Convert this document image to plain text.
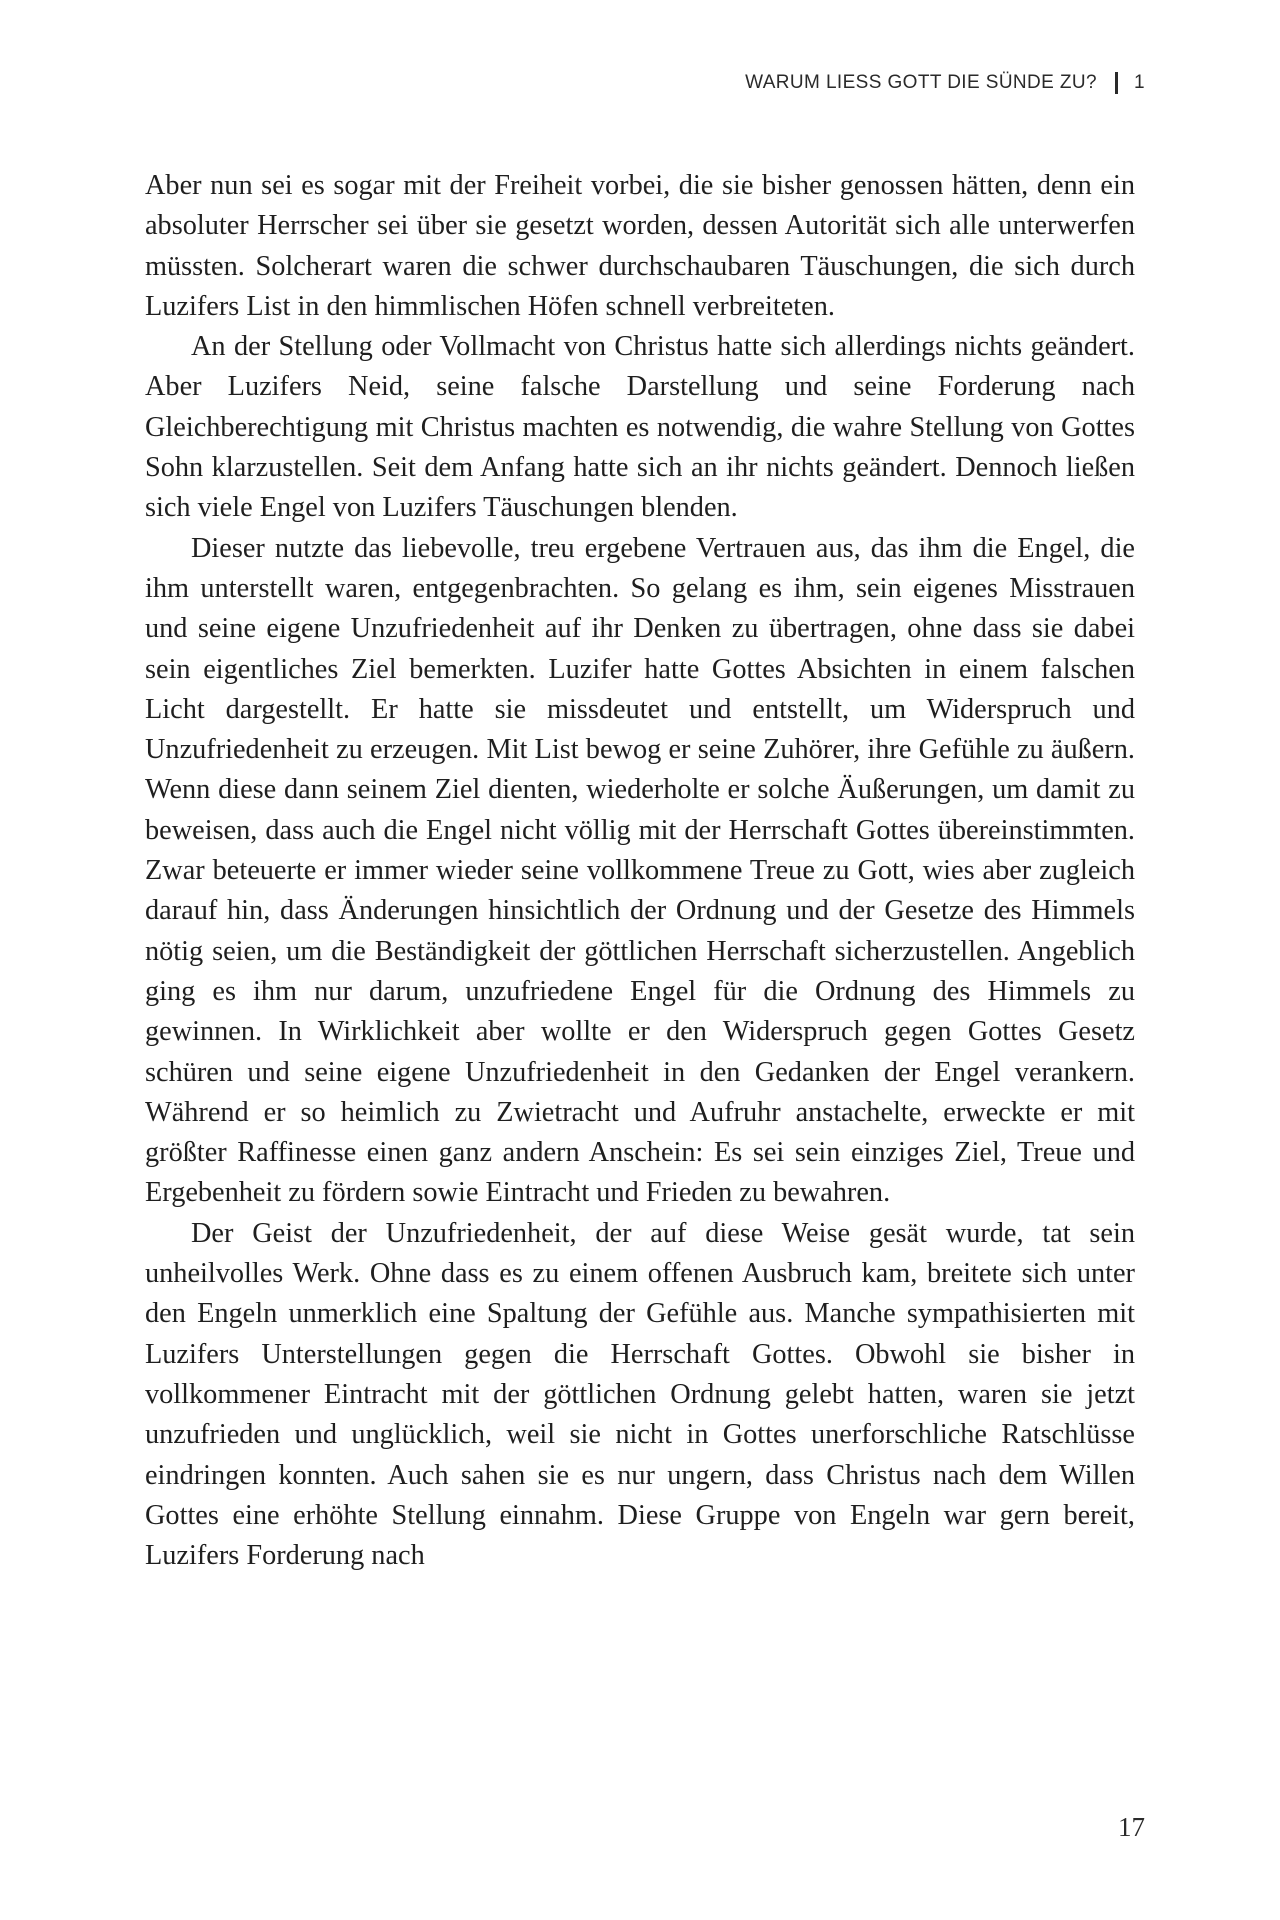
WARUM LIESS GOTT DIE SÜNDE ZU? 1

Aber nun sei es sogar mit der Freiheit vorbei, die sie bisher genossen hätten, denn ein absoluter Herrscher sei über sie gesetzt worden, dessen Autorität sich alle unterwerfen müssten. Solcherart waren die schwer durchschaubaren Täuschungen, die sich durch Luzifers List in den himmlischen Höfen schnell verbreiteten.

An der Stellung oder Vollmacht von Christus hatte sich allerdings nichts geändert. Aber Luzifers Neid, seine falsche Darstellung und seine Forderung nach Gleichberechtigung mit Christus machten es notwendig, die wahre Stellung von Gottes Sohn klarzustellen. Seit dem Anfang hatte sich an ihr nichts geändert. Dennoch ließen sich viele Engel von Luzifers Täuschungen blenden.

Dieser nutzte das liebevolle, treu ergebene Vertrauen aus, das ihm die Engel, die ihm unterstellt waren, entgegenbrachten. So gelang es ihm, sein eigenes Misstrauen und seine eigene Unzufriedenheit auf ihr Denken zu übertragen, ohne dass sie dabei sein eigentliches Ziel bemerkten. Luzifer hatte Gottes Absichten in einem falschen Licht dargestellt. Er hatte sie missdeutet und entstellt, um Widerspruch und Unzufriedenheit zu erzeugen. Mit List bewog er seine Zuhörer, ihre Gefühle zu äußern. Wenn diese dann seinem Ziel dienten, wiederholte er solche Äußerungen, um damit zu beweisen, dass auch die Engel nicht völlig mit der Herrschaft Gottes übereinstimmten. Zwar beteuerte er immer wieder seine vollkommene Treue zu Gott, wies aber zugleich darauf hin, dass Änderungen hinsichtlich der Ordnung und der Gesetze des Himmels nötig seien, um die Beständigkeit der göttlichen Herrschaft sicherzustellen. Angeblich ging es ihm nur darum, unzufriedene Engel für die Ordnung des Himmels zu gewinnen. In Wirklichkeit aber wollte er den Widerspruch gegen Gottes Gesetz schüren und seine eigene Unzufriedenheit in den Gedanken der Engel verankern. Während er so heimlich zu Zwietracht und Aufruhr anstachelte, erweckte er mit größter Raffinesse einen ganz andern Anschein: Es sei sein einziges Ziel, Treue und Ergebenheit zu fördern sowie Eintracht und Frieden zu bewahren.

Der Geist der Unzufriedenheit, der auf diese Weise gesät wurde, tat sein unheilvolles Werk. Ohne dass es zu einem offenen Ausbruch kam, breitete sich unter den Engeln unmerklich eine Spaltung der Gefühle aus. Manche sympathisierten mit Luzifers Unterstellungen gegen die Herrschaft Gottes. Obwohl sie bisher in vollkommener Eintracht mit der göttlichen Ordnung gelebt hatten, waren sie jetzt unzufrieden und unglücklich, weil sie nicht in Gottes unerforschliche Ratschlüsse eindringen konnten. Auch sahen sie es nur ungern, dass Christus nach dem Willen Gottes eine erhöhte Stellung einnahm. Diese Gruppe von Engeln war gern bereit, Luzifers Forderung nach

17
